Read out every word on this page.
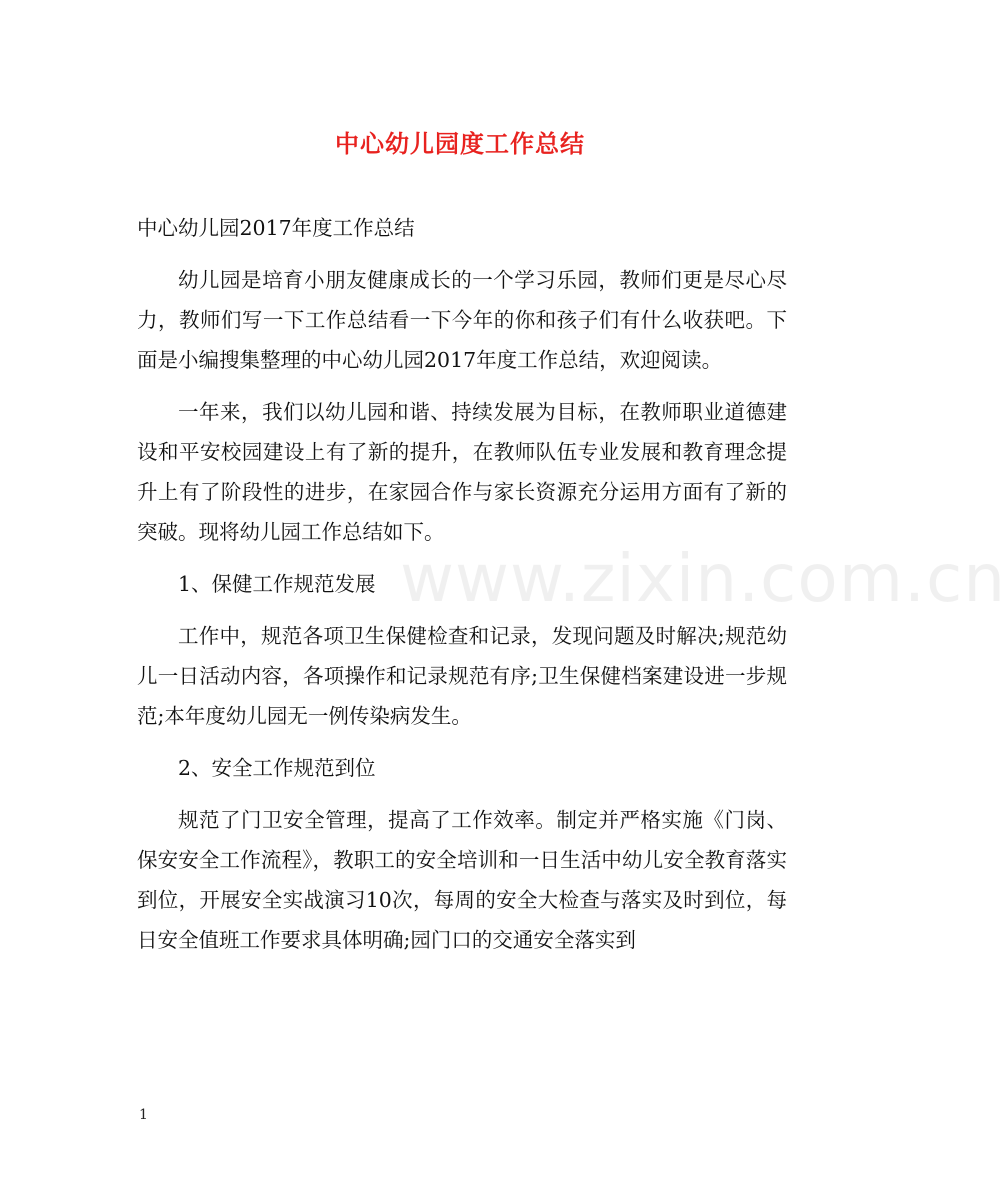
中心幼儿园度工作总结
www.zixin.com.cn

中心幼儿园2017年度工作总结

幼儿园是培育小朋友健康成长的一个学习乐园，教师们更是尽心尽力，教师们写一下工作总结看一下今年的你和孩子们有什么收获吧。下面是小编搜集整理的中心幼儿园2017年度工作总结，欢迎阅读。

一年来，我们以幼儿园和谐、持续发展为目标，在教师职业道德建设和平安校园建设上有了新的提升，在教师队伍专业发展和教育理念提升上有了阶段性的进步，在家园合作与家长资源充分运用方面有了新的突破。现将幼儿园工作总结如下。

1、保健工作规范发展

工作中，规范各项卫生保健检查和记录，发现问题及时解决;规范幼儿一日活动内容，各项操作和记录规范有序;卫生保健档案建设进一步规范;本年度幼儿园无一例传染病发生。

2、安全工作规范到位

规范了门卫安全管理，提高了工作效率。制定并严格实施《门岗、保安安全工作流程》，教职工的安全培训和一日生活中幼儿安全教育落实到位，开展安全实战演习10次，每周的安全大检查与落实及时到位，每日安全值班工作要求具体明确;园门口的交通安全落实到

1
